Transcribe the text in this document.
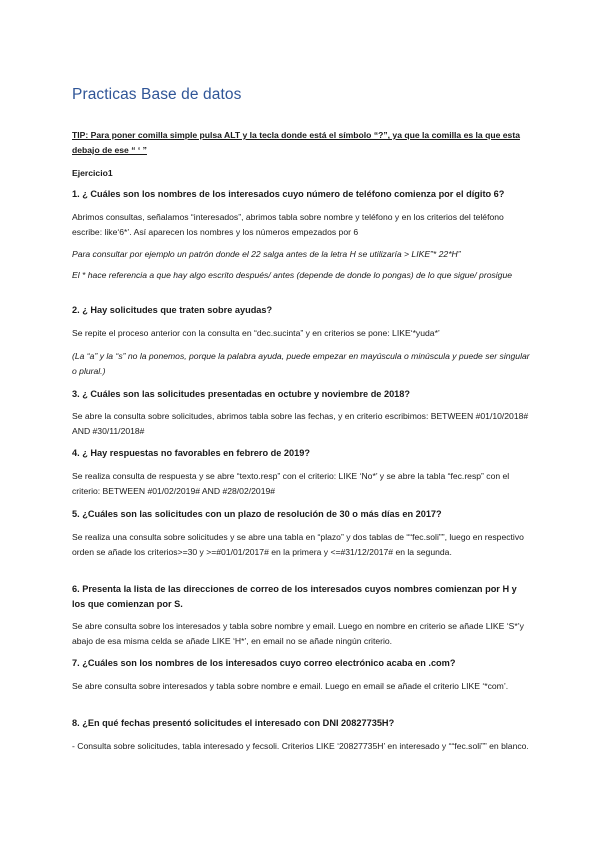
Practicas Base de datos
TIP: Para poner comilla simple pulsa ALT y la tecla donde está el símbolo “?”, ya que la comilla es la que esta debajo de ese “ ‘ ”
Ejercicio1
1. ¿ Cuáles son los nombres de los interesados cuyo número de teléfono comienza por el dígito 6?
Abrimos consultas, señalamos “interesados”, abrimos tabla sobre nombre y teléfono y en los criterios del teléfono escribe: like‘6*’. Así aparecen los nombres y los números empezados por 6
Para consultar por ejemplo un patrón donde el 22 salga antes de la letra H se utilizaría > LIKE”* 22*H”
El * hace referencia a que hay algo escrito después/ antes (depende de donde lo pongas) de lo que sigue/ prosigue
2. ¿ Hay solicitudes que traten sobre ayudas?
Se repite el proceso anterior con la consulta en “dec.sucinta” y en criterios se pone: LIKE‘*yuda*’
(La “a” y la “s” no la ponemos, porque la palabra ayuda, puede empezar en mayúscula o minúscula y puede ser singular o plural.)
3. ¿ Cuáles son las solicitudes presentadas en octubre y noviembre de 2018?
Se abre la consulta sobre solicitudes, abrimos tabla sobre las fechas, y en criterio escribimos: BETWEEN #01/10/2018# AND #30/11/2018#
4. ¿ Hay respuestas no favorables en febrero de 2019?
Se realiza consulta de respuesta y se abre “texto.resp” con el criterio: LIKE ‘No*’ y se abre la tabla “fec.resp” con el criterio: BETWEEN #01/02/2019# AND #28/02/2019#
5. ¿Cuáles son las solicitudes con un plazo de resolución de 30 o más días en 2017?
Se realiza una consulta sobre solicitudes y se abre una tabla en “plazo” y dos tablas de ““fec.soli””, luego en respectivo orden se añade los criterios>=30 y >=#01/01/2017# en la primera y <=#31/12/2017# en la segunda.
6. Presenta la lista de las direcciones de correo de los interesados cuyos nombres comienzan por H y los que comienzan por S.
Se abre consulta sobre los interesados y tabla sobre nombre y email. Luego en nombre en criterio se añade LIKE ‘S*’y abajo de esa misma celda se añade LIKE ‘H*’, en email no se añade ningún criterio.
7. ¿Cuáles son los nombres de los interesados cuyo correo electrónico acaba en .com?
Se abre consulta sobre interesados y tabla sobre nombre e email. Luego en email se añade el criterio LIKE ‘*com’.
8. ¿En qué fechas presentó solicitudes el interesado con DNI 20827735H?
- Consulta sobre solicitudes, tabla interesado y fecsoli. Criterios LIKE ‘20827735H’ en interesado y ““fec.soli”” en blanco.
